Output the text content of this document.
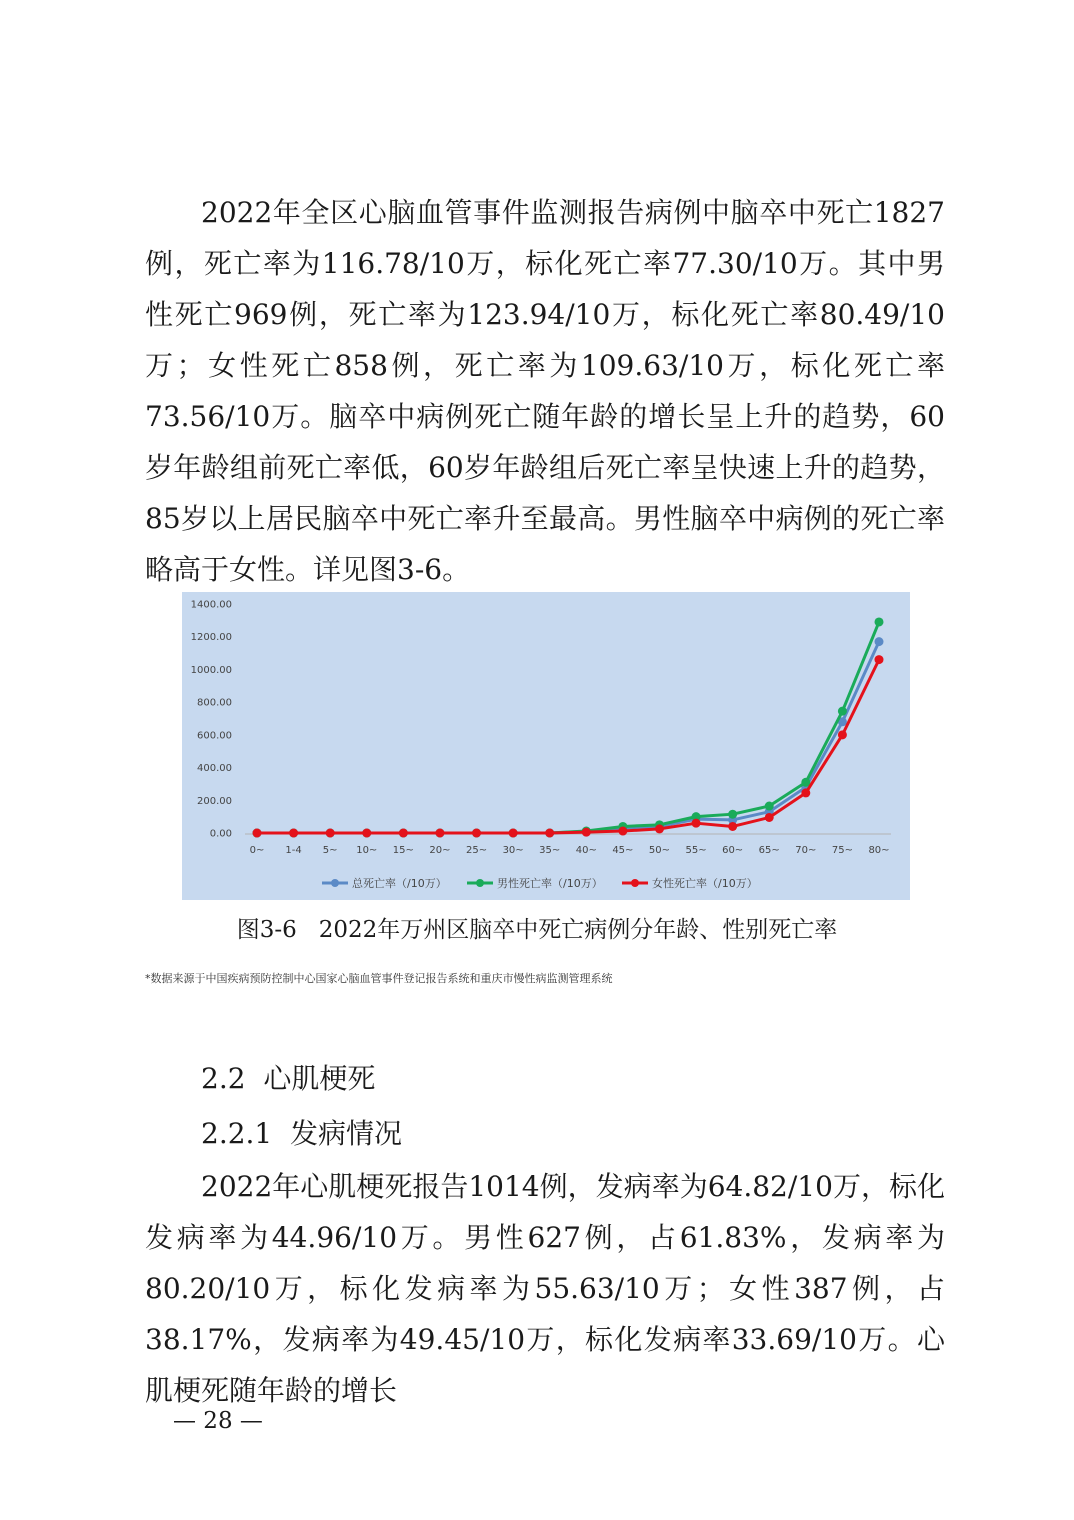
2022年全区心脑血管事件监测报告病例中脑卒中死亡1827例，死亡率为116.78/10万，标化死亡率77.30/10万。其中男性死亡969例，死亡率为123.94/10万，标化死亡率80.49/10万；女性死亡858例，死亡率为109.63/10万，标化死亡率73.56/10万。脑卒中病例死亡随年龄的增长呈上升的趋势，60岁年龄组前死亡率低，60岁年龄组后死亡率呈快速上升的趋势，85岁以上居民脑卒中死亡率升至最高。男性脑卒中病例的死亡率略高于女性。详见图3-6。

0.00
200.00
400.00
600.00
800.00
1000.00
1200.00
1400.00
0~ 1-4 5~ 10~ 15~ 20~ 25~ 30~ 35~ 40~ 45~ 50~ 55~ 60~ 65~ 70~ 75~ 80~
总死亡率（/10万）	男性死亡率（/10万）	女性死亡率（/10万）
图3-6   2022年万州区脑卒中死亡病例分年龄、性别死亡率
*数据来源于中国疾病预防控制中心国家心脑血管事件登记报告系统和重庆市慢性病监测管理系统
2.2  心肌梗死
2.2.1  发病情况

2022年心肌梗死报告1014例，发病率为64.82/10万，标化发病率为44.96/10万。男性627例，占61.83%，发病率为80.20/10万，标化发病率为55.63/10万；女性387例，占38.17%，发病率为49.45/10万，标化发病率33.69/10万。心肌梗死随年龄的增长

— 28 —
